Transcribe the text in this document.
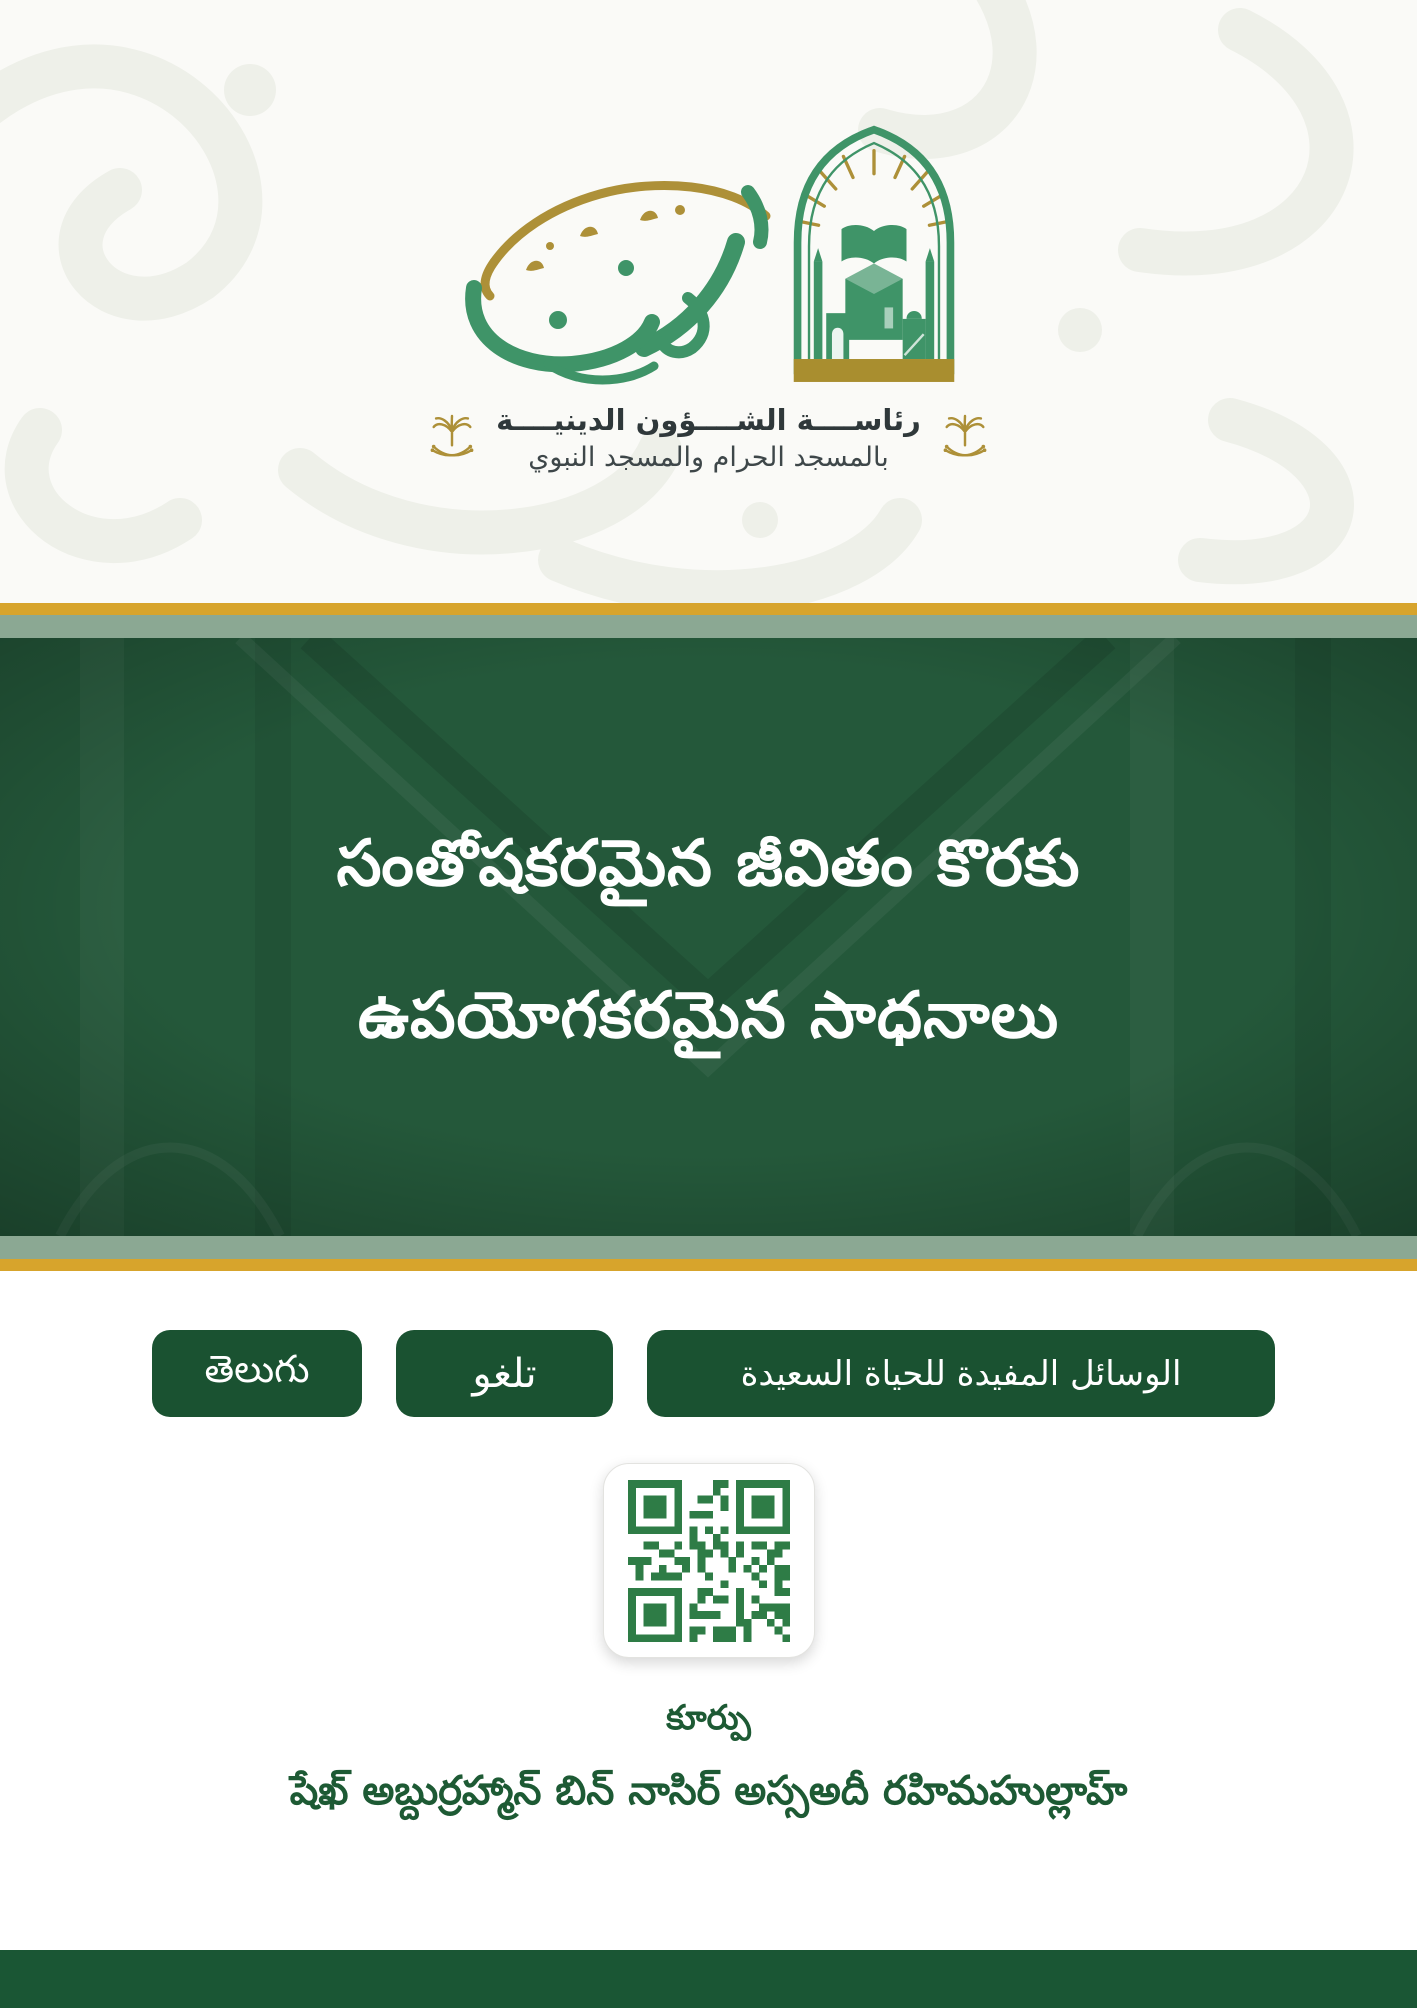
رئاســــة الشــــؤون الدينيــــة
بالمسجد الحرام والمسجد النبوي
సంతోషకరమైన జీవితం కొరకు
ఉపయోగకరమైన సాధనాలు
తెలుగు	تلغو	الوسائل المفيدة للحياة السعيدة
కూర్పు
షేఖ్ అబ్దుర్రహ్మాన్ బిన్ నాసిర్ అస్సఅదీ రహిమహుల్లాహ్
